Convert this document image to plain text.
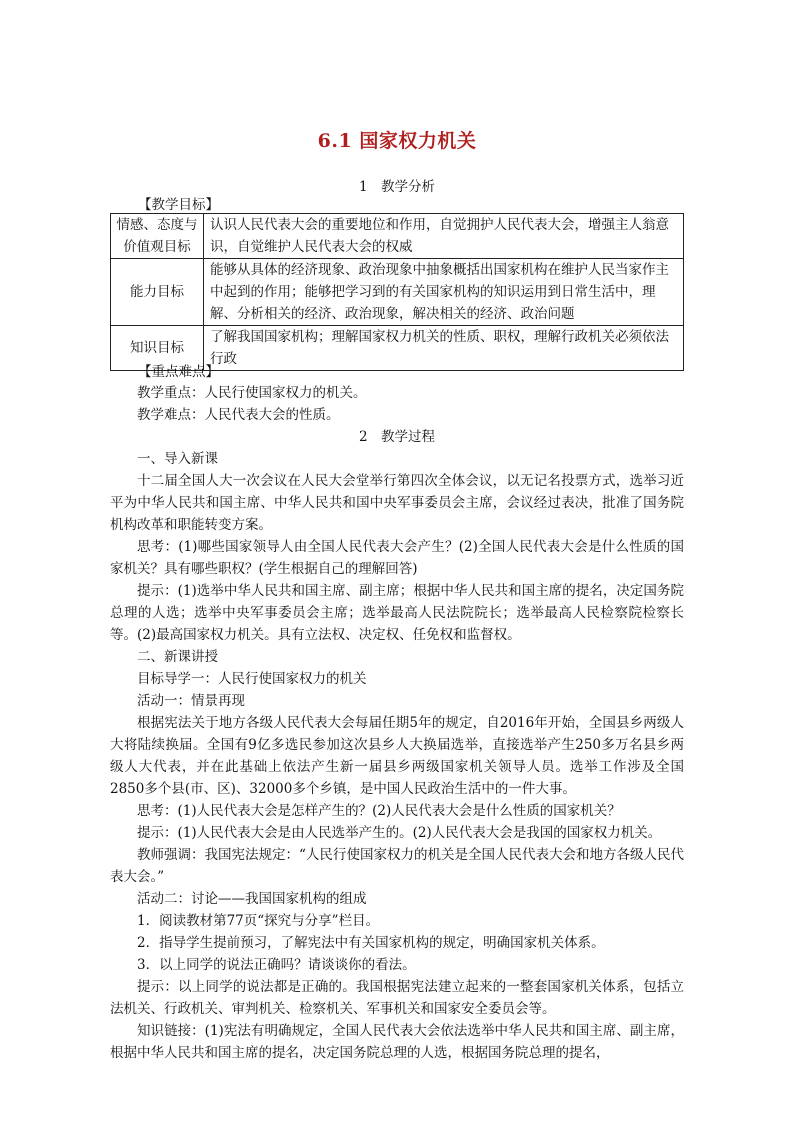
6.1 国家权力机关
1　教学分析
【教学目标】
情感、态度与价值观目标	认识人民代表大会的重要地位和作用，自觉拥护人民代表大会，增强主人翁意识，自觉维护人民代表大会的权威
能力目标	能够从具体的经济现象、政治现象中抽象概括出国家机构在维护人民当家作主中起到的作用；能够把学习到的有关国家机构的知识运用到日常生活中，理解、分析相关的经济、政治现象，解决相关的经济、政治问题
知识目标	了解我国国家机构；理解国家权力机关的性质、职权，理解行政机关必须依法行政
【重点难点】

教学重点：人民行使国家权力的机关。

教学难点：人民代表大会的性质。

2　教学过程

一、导入新课

十二届全国人大一次会议在人民大会堂举行第四次全体会议，以无记名投票方式，选举习近平为中华人民共和国主席、中华人民共和国中央军事委员会主席，会议经过表决，批准了国务院机构改革和职能转变方案。

思考：(1)哪些国家领导人由全国人民代表大会产生？(2)全国人民代表大会是什么性质的国家机关？具有哪些职权？(学生根据自己的理解回答)

提示：(1)选举中华人民共和国主席、副主席；根据中华人民共和国主席的提名，决定国务院总理的人选；选举中央军事委员会主席；选举最高人民法院院长；选举最高人民检察院检察长等。(2)最高国家权力机关。具有立法权、决定权、任免权和监督权。

二、新课讲授

目标导学一：人民行使国家权力的机关

活动一：情景再现

根据宪法关于地方各级人民代表大会每届任期5年的规定，自2016年开始，全国县乡两级人大将陆续换届。全国有9亿多选民参加这次县乡人大换届选举，直接选举产生250多万名县乡两级人大代表，并在此基础上依法产生新一届县乡两级国家机关领导人员。选举工作涉及全国2850多个县(市、区)、32000多个乡镇，是中国人民政治生活中的一件大事。

思考：(1)人民代表大会是怎样产生的？(2)人民代表大会是什么性质的国家机关？

提示：(1)人民代表大会是由人民选举产生的。(2)人民代表大会是我国的国家权力机关。

教师强调：我国宪法规定：“人民行使国家权力的机关是全国人民代表大会和地方各级人民代表大会。”

活动二：讨论——我国国家机构的组成

1．阅读教材第77页“探究与分享”栏目。

2．指导学生提前预习，了解宪法中有关国家机构的规定，明确国家机关体系。

3．以上同学的说法正确吗？请谈谈你的看法。

提示：以上同学的说法都是正确的。我国根据宪法建立起来的一整套国家机关体系，包括立法机关、行政机关、审判机关、检察机关、军事机关和国家安全委员会等。

知识链接：(1)宪法有明确规定，全国人民代表大会依法选举中华人民共和国主席、副主席，根据中华人民共和国主席的提名，决定国务院总理的人选，根据国务院总理的提名，
